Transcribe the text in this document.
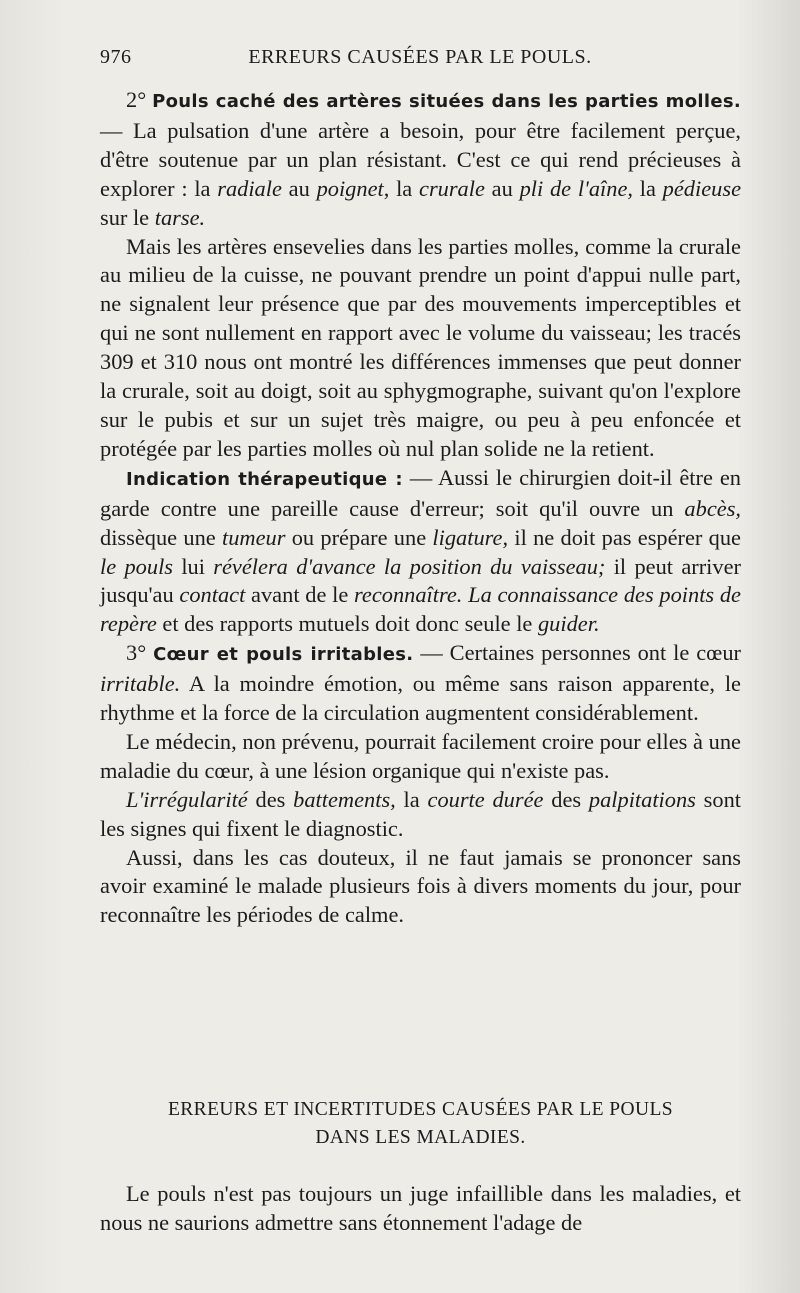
976	ERREURS CAUSÉES PAR LE POULS.

2° Pouls caché des artères situées dans les parties molles. — La pulsation d'une artère a besoin, pour être facilement perçue, d'être soutenue par un plan résistant. C'est ce qui rend précieuses à explorer : la radiale au poignet, la crurale au pli de l'aîne, la pédieuse sur le tarse.

Mais les artères ensevelies dans les parties molles, comme la crurale au milieu de la cuisse, ne pouvant prendre un point d'appui nulle part, ne signalent leur présence que par des mouvements imperceptibles et qui ne sont nullement en rapport avec le volume du vaisseau; les tracés 309 et 310 nous ont montré les différences immenses que peut donner la crurale, soit au doigt, soit au sphygmographe, suivant qu'on l'explore sur le pubis et sur un sujet très maigre, ou peu à peu enfoncée et protégée par les parties molles où nul plan solide ne la retient.

Indication thérapeutique : — Aussi le chirurgien doit-il être en garde contre une pareille cause d'erreur; soit qu'il ouvre un abcès, dissèque une tumeur ou prépare une ligature, il ne doit pas espérer que le pouls lui révélera d'avance la position du vaisseau; il peut arriver jusqu'au contact avant de le reconnaître. La connaissance des points de repère et des rapports mutuels doit donc seule le guider.

3° Cœur et pouls irritables. — Certaines personnes ont le cœur irritable. A la moindre émotion, ou même sans raison apparente, le rhythme et la force de la circulation augmentent considérablement.

Le médecin, non prévenu, pourrait facilement croire pour elles à une maladie du cœur, à une lésion organique qui n'existe pas.

L'irrégularité des battements, la courte durée des palpitations sont les signes qui fixent le diagnostic.

Aussi, dans les cas douteux, il ne faut jamais se prononcer sans avoir examiné le malade plusieurs fois à divers moments du jour, pour reconnaître les périodes de calme.

ERREURS ET INCERTITUDES CAUSÉES PAR LE POULS
DANS LES MALADIES.

Le pouls n'est pas toujours un juge infaillible dans les maladies, et nous ne saurions admettre sans étonnement l'adage de
